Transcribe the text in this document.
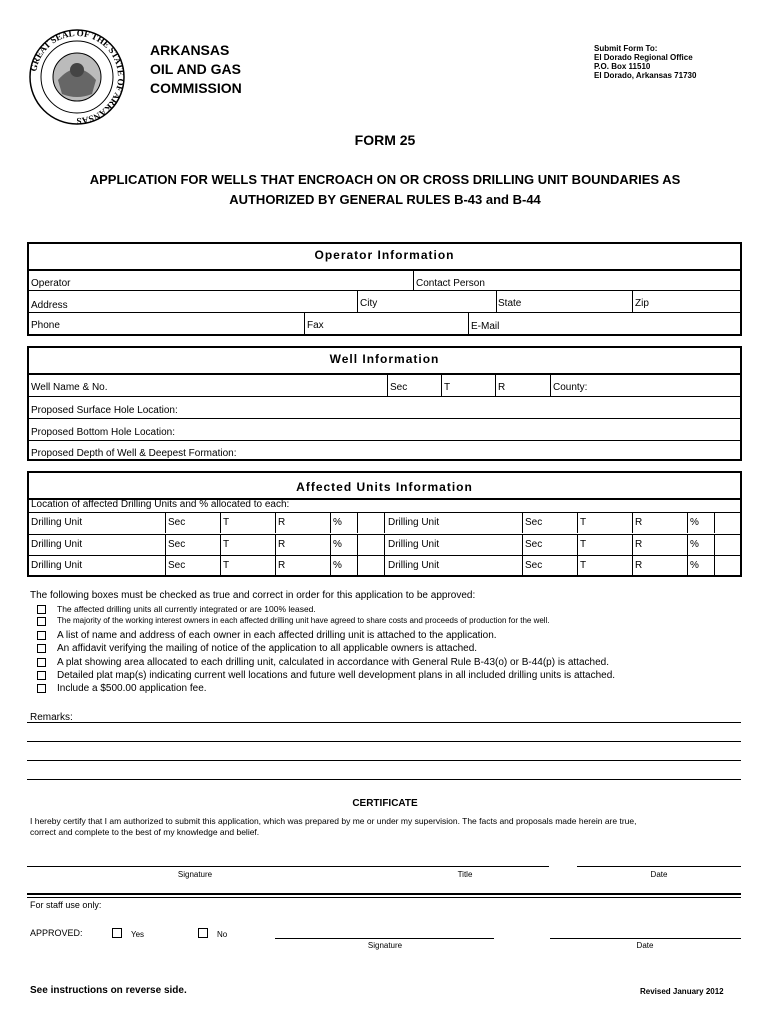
GREAT SEAL OF THE STATE OF ARKANSAS
ARKANSAS
OIL AND GAS
COMMISSION
Submit Form To:
El Dorado Regional Office
P.O. Box 11510
El Dorado, Arkansas 71730
FORM 25
APPLICATION FOR WELLS THAT ENCROACH ON OR CROSS DRILLING UNIT BOUNDARIES AS
AUTHORIZED BY GENERAL RULES B-43 and B-44
Operator Information
Operator	Contact Person
Address	City	State	Zip
Phone	Fax	E-Mail
Well Information
Well Name & No.	Sec	T	R	County:
Proposed Surface Hole Location:
Proposed Bottom Hole Location:
Proposed Depth of Well & Deepest Formation:
Affected Units Information
Location of affected Drilling Units and % allocated to each:
Drilling Unit	Sec	T	R	%	Drilling Unit	Sec	T	R	%
Drilling Unit	Sec	T	R	%	Drilling Unit	Sec	T	R	%
Drilling Unit	Sec	T	R	%	Drilling Unit	Sec	T	R	%
The following boxes must be checked as true and correct in order for this application to be approved:
The affected drilling units all currently integrated or are 100% leased.
The majority of the working interest owners in each affected drilling unit have agreed to share costs and proceeds of production for the well.
A list of name and address of each owner in each affected drilling unit is attached to the application.
An affidavit verifying the mailing of notice of the application to all applicable owners is attached.
A plat showing area allocated to each drilling unit, calculated in accordance with General Rule B-43(o) or B-44(p) is attached.
Detailed plat map(s) indicating current well locations and future well development plans in all included drilling units is attached.
Include a $500.00 application fee.
Remarks:
CERTIFICATE
I hereby certify that I am authorized to submit this application, which was prepared by me or under my supervision. The facts and proposals made herein are true,
correct and complete to the best of my knowledge and belief.
Signature	Title	Date
For staff use only:
APPROVED:	Yes	No
Signature	Date
See instructions on reverse side.	Revised January 2012
